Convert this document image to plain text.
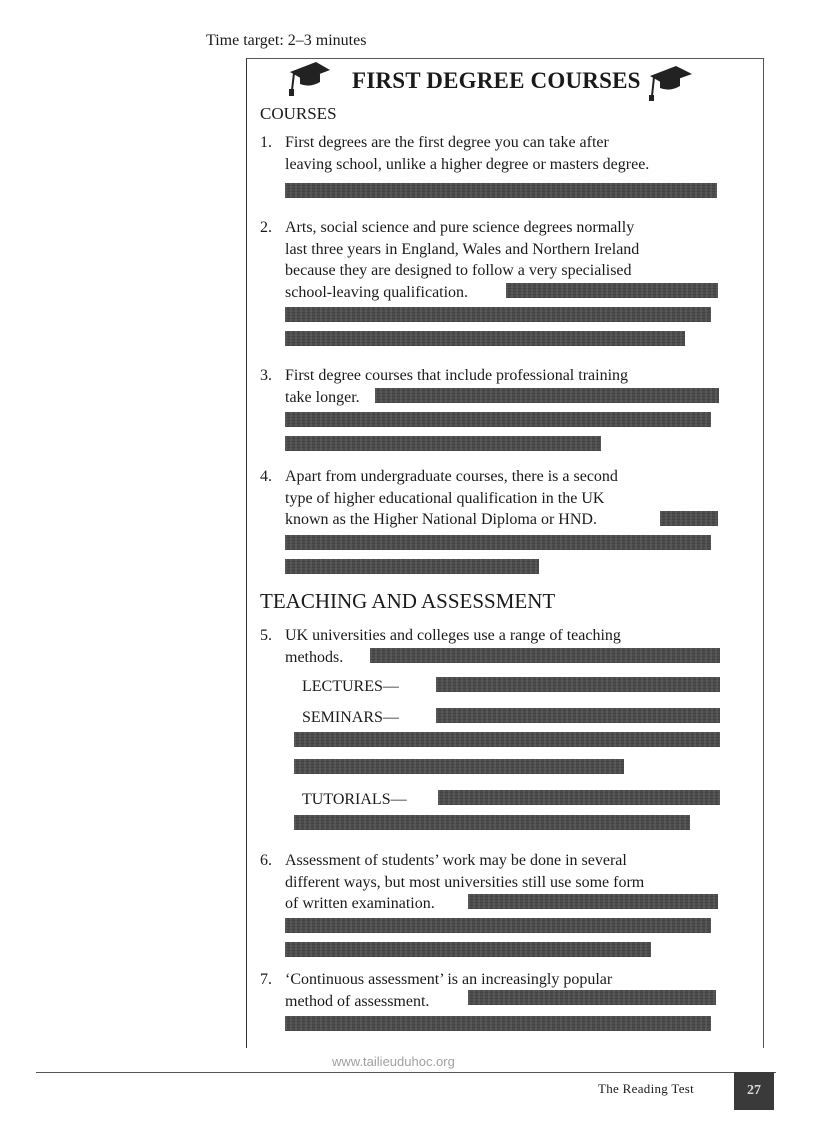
Time target: 2–3 minutes
FIRST DEGREE COURSES
COURSES
1. First degrees are the first degree you can take after
leaving school, unlike a higher degree or masters degree.
2. Arts, social science and pure science degrees normally
last three years in England, Wales and Northern Ireland
because they are designed to follow a very specialised
school-leaving qualification.
3. First degree courses that include professional training
take longer.
4. Apart from undergraduate courses, there is a second
type of higher educational qualification in the UK
known as the Higher National Diploma or HND.
TEACHING AND ASSESSMENT
5. UK universities and colleges use a range of teaching
methods.
LECTURES—
SEMINARS—
TUTORIALS—
6. Assessment of students’ work may be done in several
different ways, but most universities still use some form
of written examination.
7. ‘Continuous assessment’ is an increasingly popular
method of assessment.
www.tailieuduhoc.org
The Reading Test	27
